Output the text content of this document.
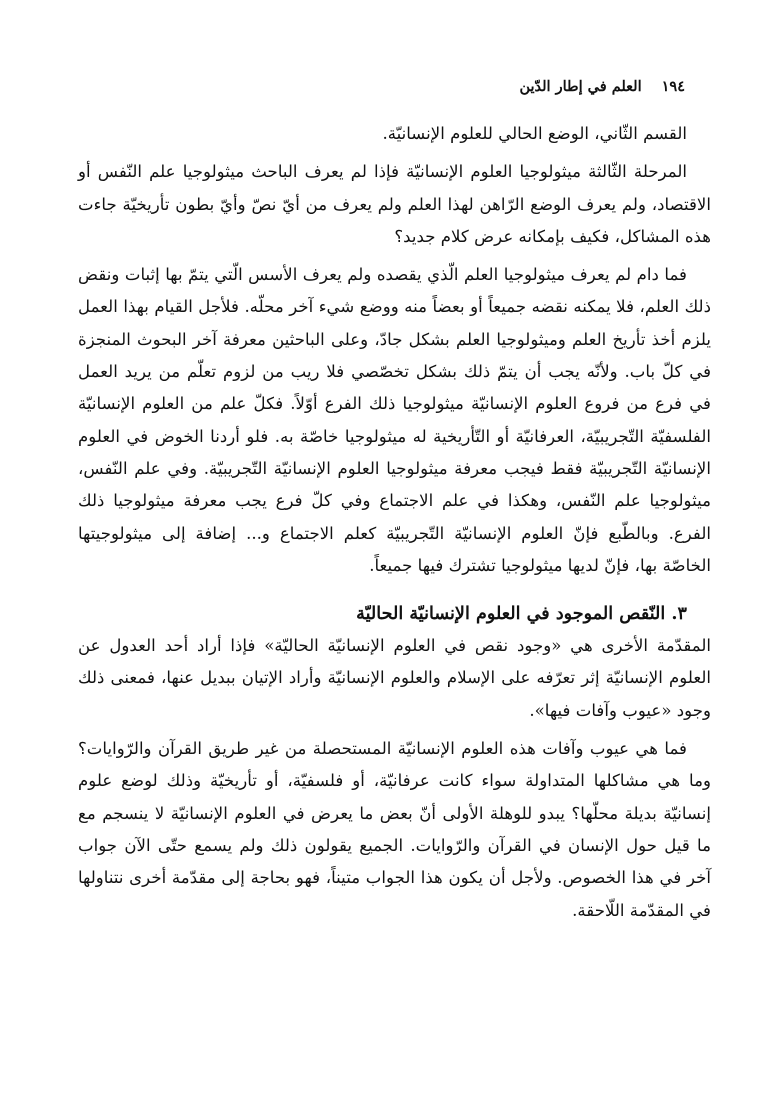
١٩٤
العلم في إطار الدّين

القسم الثّاني، الوضع الحالي للعلوم الإنسانيّة.

المرحلة الثّالثة ميثولوجيا العلوم الإنسانيّة فإذا لم يعرف الباحث ميثولوجيا علم النّفس أو الاقتصاد، ولم يعرف الوضع الرّاهن لهذا العلم ولم يعرف من أيّ نصّ وأيّ بطون تأريخيّة جاءت هذه المشاكل، فكيف بإمكانه عرض كلام جديد؟

فما دام لم يعرف ميثولوجيا العلم الّذي يقصده ولم يعرف الأسس الّتي يتمّ بها إثبات ونقض ذلك العلم، فلا يمكنه نقضه جميعاً أو بعضاً منه ووضع شيء آخر محلّه. فلأجل القيام بهذا العمل يلزم أخذ تأريخ العلم وميثولوجيا العلم بشكل جادّ، وعلى الباحثين معرفة آخر البحوث المنجزة في كلّ باب. ولأنّه يجب أن يتمّ ذلك بشكل تخصّصي فلا ريب من لزوم تعلّم من يريد العمل في فرع من فروع العلوم الإنسانيّة ميثولوجيا ذلك الفرع أوّلاً. فكلّ علم من العلوم الإنسانيّة الفلسفيّة التّجريبيّة، العرفانيّة أو التّأريخية له ميثولوجيا خاصّة به. فلو أردنا الخوض في العلوم الإنسانيّة التّجريبيّة فقط فيجب معرفة ميثولوجيا العلوم الإنسانيّة التّجريبيّة. وفي علم النّفس، ميثولوجيا علم النّفس، وهكذا في علم الاجتماع وفي كلّ فرع يجب معرفة ميثولوجيا ذلك الفرع. وبالطّبع فإنّ العلوم الإنسانيّة التّجريبيّة كعلم الاجتماع و... إضافة إلى ميثولوجيتها الخاصّة بها، فإنّ لديها ميثولوجيا تشترك فيها جميعاً.

٣. النّقص الموجود في العلوم الإنسانيّة الحاليّة

المقدّمة الأخرى هي «وجود نقص في العلوم الإنسانيّة الحاليّة» فإذا أراد أحد العدول عن العلوم الإنسانيّة إثر تعرّفه على الإسلام والعلوم الإنسانيّة وأراد الإتيان ببديل عنها، فمعنى ذلك وجود «عيوب وآفات فيها».

فما هي عيوب وآفات هذه العلوم الإنسانيّة المستحصلة من غير طريق القرآن والرّوايات؟ وما هي مشاكلها المتداولة سواء كانت عرفانيّة، أو فلسفيّة، أو تأريخيّة وذلك لوضع علوم إنسانيّة بديلة محلّها؟ يبدو للوهلة الأولى أنّ بعض ما يعرض في العلوم الإنسانيّة لا ينسجم مع ما قيل حول الإنسان في القرآن والرّوايات. الجميع يقولون ذلك ولم يسمع حتّى الآن جواب آخر في هذا الخصوص. ولأجل أن يكون هذا الجواب متيناً، فهو بحاجة إلى مقدّمة أخرى نتناولها في المقدّمة اللّاحقة.
